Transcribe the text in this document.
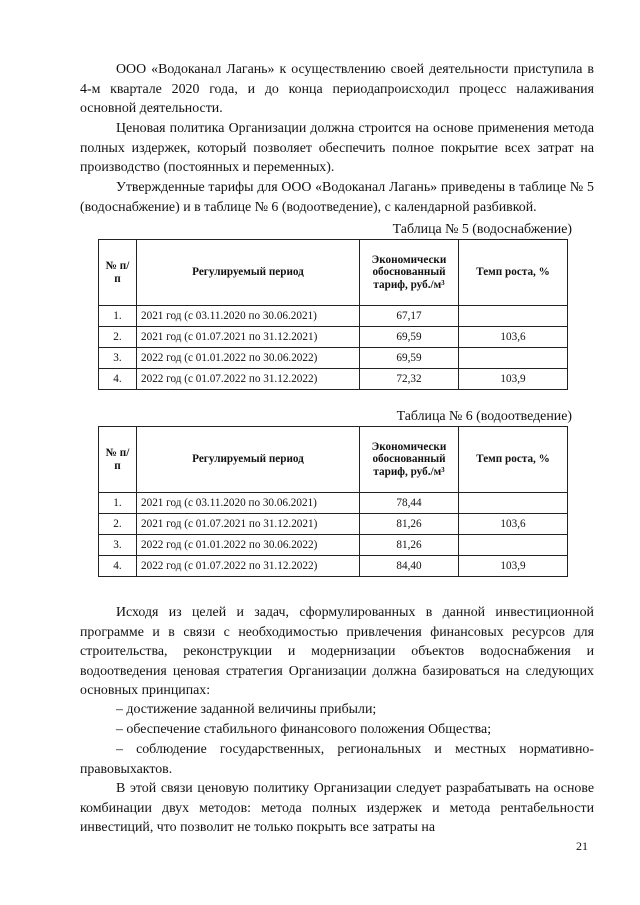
ООО «Водоканал Лагань» к осуществлению своей деятельности приступила в 4-м квартале 2020 года, и до конца периодапроисходил процесс налаживания основной деятельности.

Ценовая политика Организации должна строится на основе применения метода полных издержек, который позволяет обеспечить полное покрытие всех затрат на производство (постоянных и переменных).

Утвержденные тарифы для ООО «Водоканал Лагань» приведены в таблице № 5 (водоснабжение) и в таблице № 6 (водоотведение), с календарной разбивкой.

Таблица № 5 (водоснабжение)
№ п/п	Регулируемый период	Экономически обоснованный тариф, руб./м³	Темп роста, %
1.	2021 год (с 03.11.2020 по 30.06.2021)	67,17	
2.	2021 год (с 01.07.2021 по 31.12.2021)	69,59	103,6
3.	2022 год (с 01.01.2022 по 30.06.2022)	69,59	
4.	2022 год (с 01.07.2022 по 31.12.2022)	72,32	103,9
Таблица № 6 (водоотведение)
№ п/п	Регулируемый период	Экономически обоснованный тариф, руб./м³	Темп роста, %
1.	2021 год (с 03.11.2020 по 30.06.2021)	78,44	
2.	2021 год (с 01.07.2021 по 31.12.2021)	81,26	103,6
3.	2022 год (с 01.01.2022 по 30.06.2022)	81,26	
4.	2022 год (с 01.07.2022 по 31.12.2022)	84,40	103,9

Исходя из целей и задач, сформулированных в данной инвестиционной программе и в связи с необходимостью привлечения финансовых ресурсов для строительства, реконструкции и модернизации объектов водоснабжения и водоотведения ценовая стратегия Организации должна базироваться на следующих основных принципах:

– достижение заданной величины прибыли;

– обеспечение стабильного финансового положения Общества;

– соблюдение государственных, региональных и местных нормативно-правовыхактов.

В этой связи ценовую политику Организации следует разрабатывать на основе комбинации двух методов: метода полных издержек и метода рентабельности инвестиций, что позволит не только покрыть все затраты на

21
